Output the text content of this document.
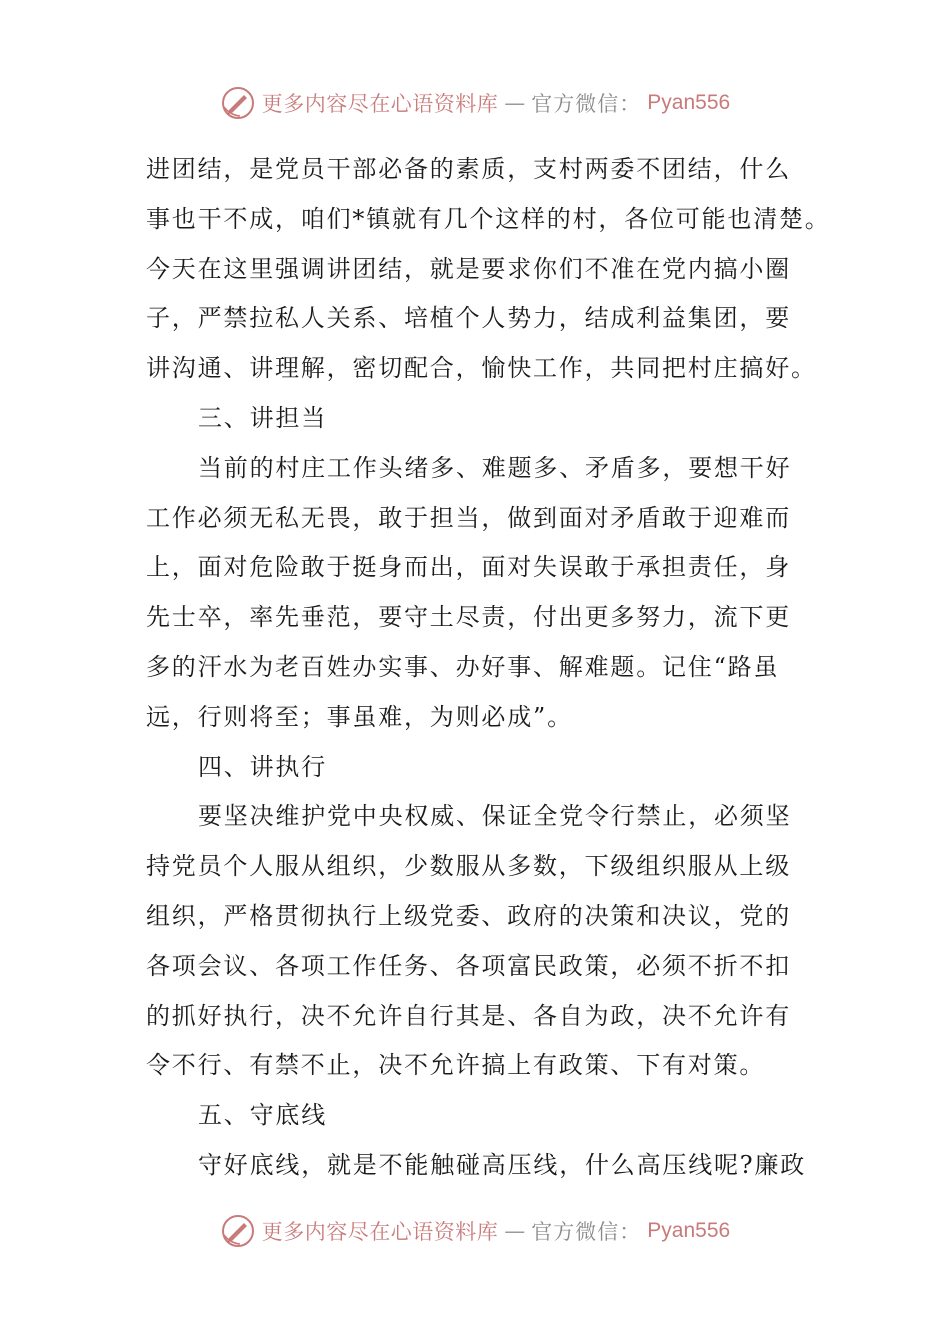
更多内容尽在心语资料库 — 官方微信： Pyan556
进团结，是党员干部必备的素质，支村两委不团结，什么
事也干不成，咱们*镇就有几个这样的村，各位可能也清楚。
今天在这里强调讲团结，就是要求你们不准在党内搞小圈
子，严禁拉私人关系、培植个人势力，结成利益集团，要
讲沟通、讲理解，密切配合，愉快工作，共同把村庄搞好。
三、讲担当
当前的村庄工作头绪多、难题多、矛盾多，要想干好
工作必须无私无畏，敢于担当，做到面对矛盾敢于迎难而
上，面对危险敢于挺身而出，面对失误敢于承担责任，身
先士卒，率先垂范，要守土尽责，付出更多努力，流下更
多的汗水为老百姓办实事、办好事、解难题。记住“路虽
远，行则将至；事虽难，为则必成”。
四、讲执行
要坚决维护党中央权威、保证全党令行禁止，必须坚
持党员个人服从组织，少数服从多数，下级组织服从上级
组织，严格贯彻执行上级党委、政府的决策和决议，党的
各项会议、各项工作任务、各项富民政策，必须不折不扣
的抓好执行，决不允许自行其是、各自为政，决不允许有
令不行、有禁不止，决不允许搞上有政策、下有对策。
五、守底线
守好底线，就是不能触碰高压线，什么高压线呢?廉政
更多内容尽在心语资料库 — 官方微信： Pyan556
